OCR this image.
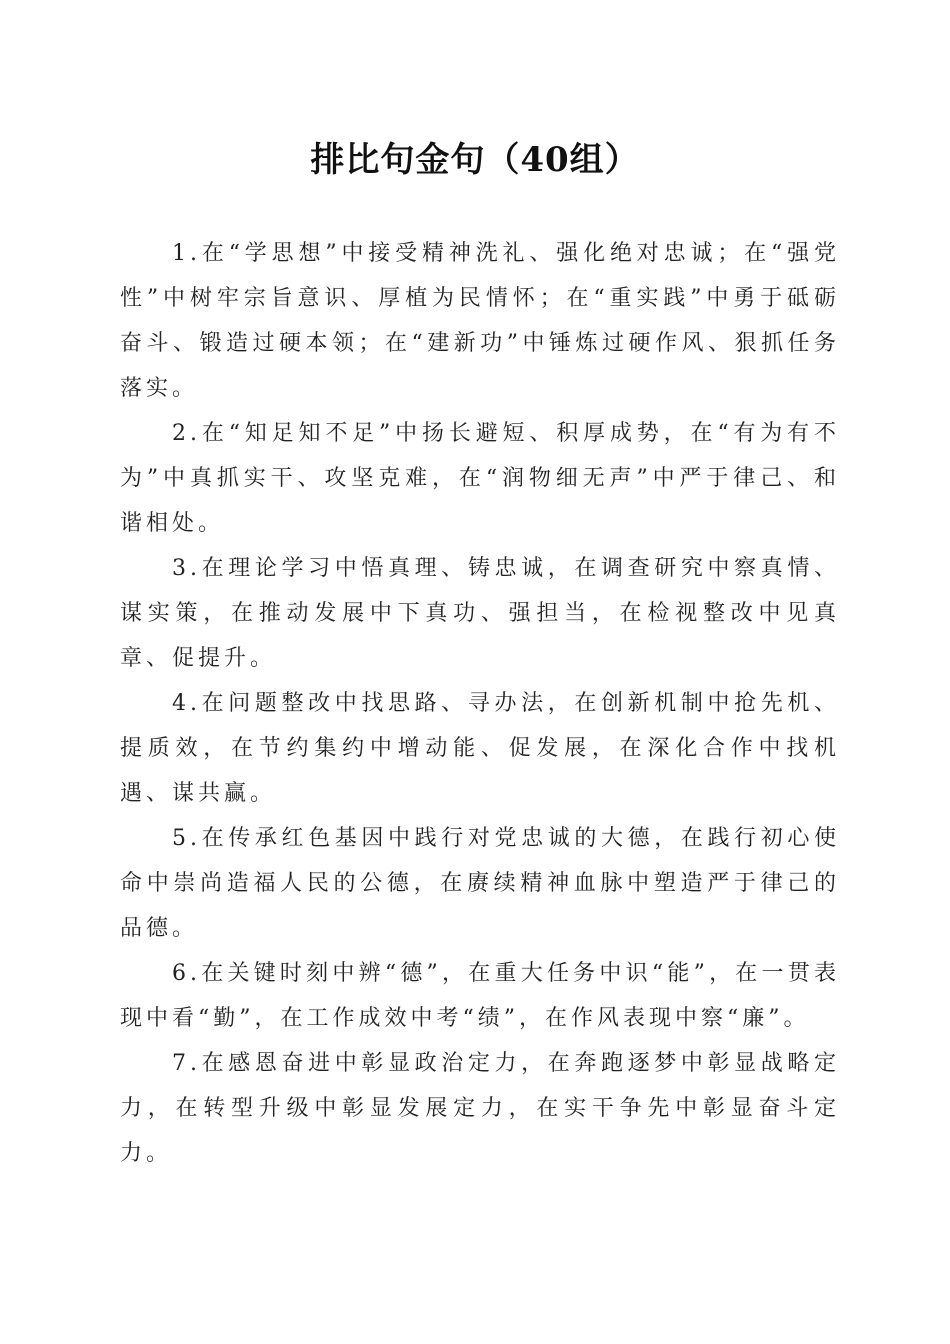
排比句金句（40组）

1.在“学思想”中接受精神洗礼、强化绝对忠诚；在“强党性”中树牢宗旨意识、厚植为民情怀；在“重实践”中勇于砥砺奋斗、锻造过硬本领；在“建新功”中锤炼过硬作风、狠抓任务落实。

2.在“知足知不足”中扬长避短、积厚成势，在“有为有不为”中真抓实干、攻坚克难，在“润物细无声”中严于律己、和谐相处。

3.在理论学习中悟真理、铸忠诚，在调查研究中察真情、谋实策，在推动发展中下真功、强担当，在检视整改中见真章、促提升。

4.在问题整改中找思路、寻办法，在创新机制中抢先机、提质效，在节约集约中增动能、促发展，在深化合作中找机遇、谋共赢。

5.在传承红色基因中践行对党忠诚的大德，在践行初心使命中崇尚造福人民的公德，在赓续精神血脉中塑造严于律己的品德。

6.在关键时刻中辨“德”，在重大任务中识“能”，在一贯表现中看“勤”，在工作成效中考“绩”，在作风表现中察“廉”。

7.在感恩奋进中彰显政治定力，在奔跑逐梦中彰显战略定力，在转型升级中彰显发展定力，在实干争先中彰显奋斗定力。
